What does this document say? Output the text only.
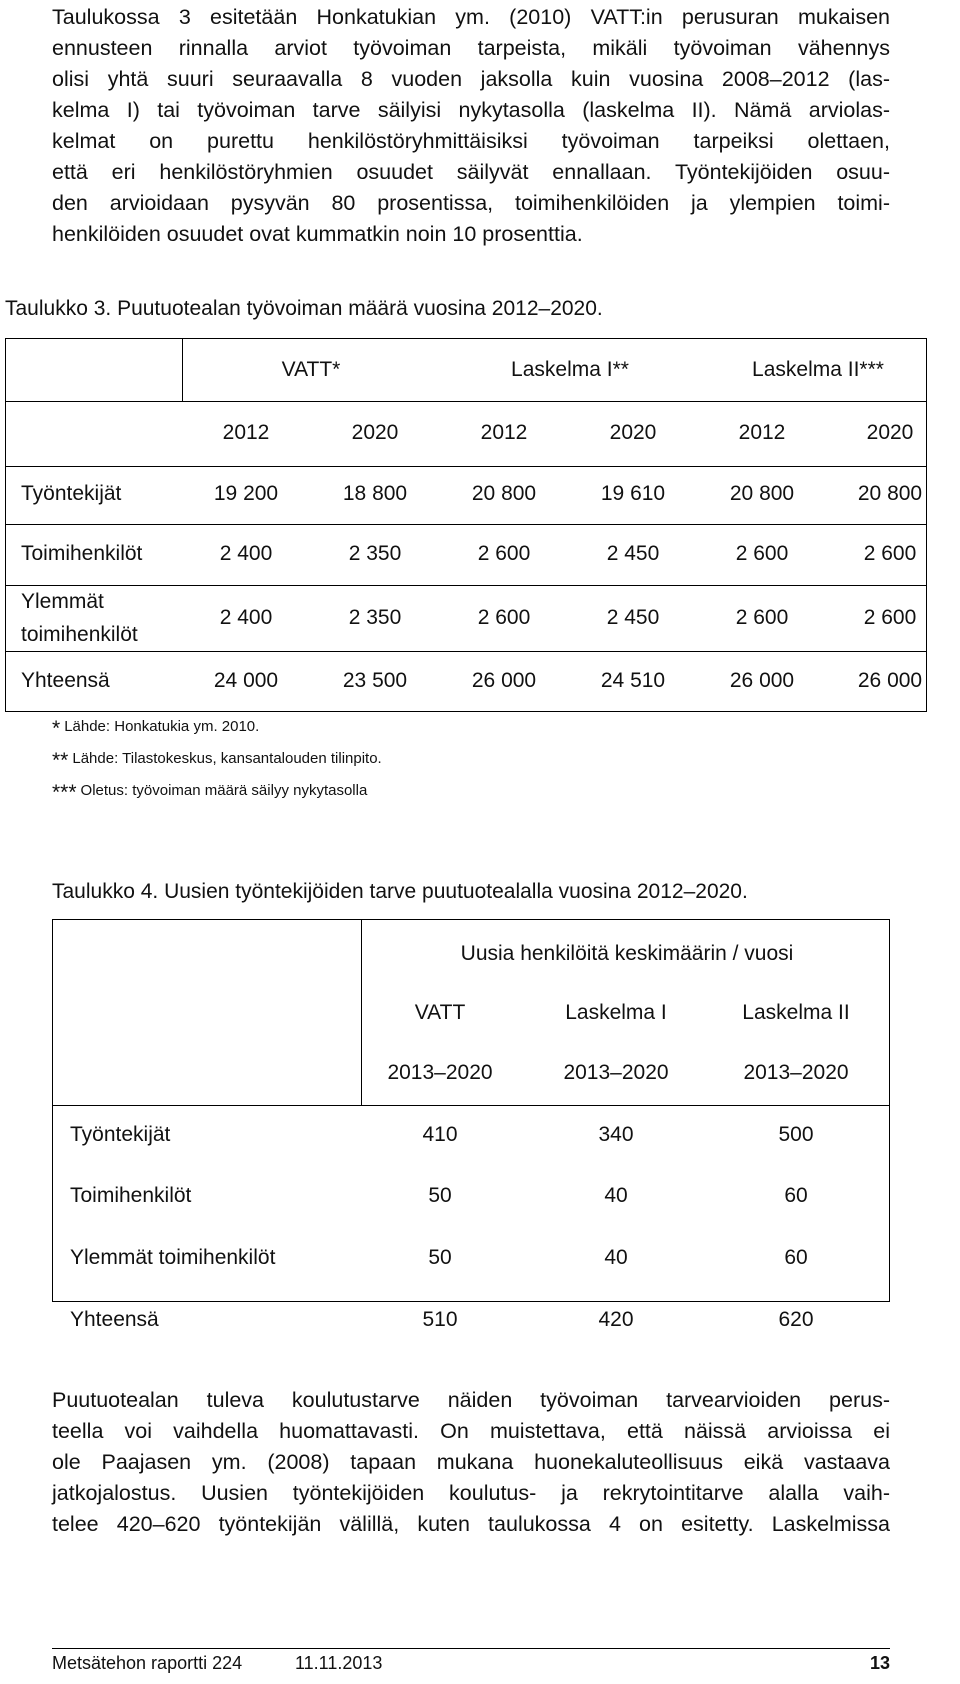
Taulukossa 3 esitetään Honkatukian ym. (2010) VATT:in perusuran mukaisen
ennusteen rinnalla arviot työvoiman tarpeista, mikäli työvoiman vähennys
olisi yhtä suuri seuraavalla 8 vuoden jaksolla kuin vuosina 2008–2012 (las-
kelma I) tai työvoiman tarve säilyisi nykytasolla (laskelma II). Nämä arviolas-
kelmat on purettu henkilöstöryhmittäisiksi työvoiman tarpeiksi olettaen,
että eri henkilöstöryhmien osuudet säilyvät ennallaan. Työntekijöiden osuu-
den arvioidaan pysyvän 80 prosentissa, toimihenkilöiden ja ylempien toimi-
henkilöiden osuudet ovat kummatkin noin 10 prosenttia.
Taulukko 3. Puutuotealan työvoiman määrä vuosina 2012–2020.
VATT*	Laskelma I**	Laskelma II***
2012	2020	2012	2020	2012	2020
Työntekijät	19 200	18 800	20 800	19 610	20 800	20 800
Toimihenkilöt	2 400	2 350	2 600	2 450	2 600	2 600
Ylemmät
toimihenkilöt
2 400	2 350	2 600	2 450	2 600	2 600
Yhteensä	24 000	23 500	26 000	24 510	26 000	26 000
* Lähde: Honkatukia ym. 2010.
** Lähde: Tilastokeskus, kansantalouden tilinpito.
*** Oletus: työvoiman määrä säilyy nykytasolla
Taulukko 4. Uusien työntekijöiden tarve puutuotealalla vuosina 2012–2020.
Uusia henkilöitä keskimäärin / vuosi
VATT	Laskelma I	Laskelma II
2013–2020	2013–2020	2013–2020
Työntekijät	410	340	500
Toimihenkilöt	50	40	60
Ylemmät toimihenkilöt	50	40	60
Yhteensä	510	420	620
Puutuotealan tuleva koulutustarve näiden työvoiman tarvearvioiden perus-
teella voi vaihdella huomattavasti. On muistettava, että näissä arvioissa ei
ole Paajasen ym. (2008) tapaan mukana huonekaluteollisuus eikä vastaava
jatkojalostus. Uusien työntekijöiden koulutus- ja rekrytointitarve alalla vaih-
telee 420–620 työntekijän välillä, kuten taulukossa 4 on esitetty. Laskelmissa
Metsätehon raportti 224	11.11.2013	13
